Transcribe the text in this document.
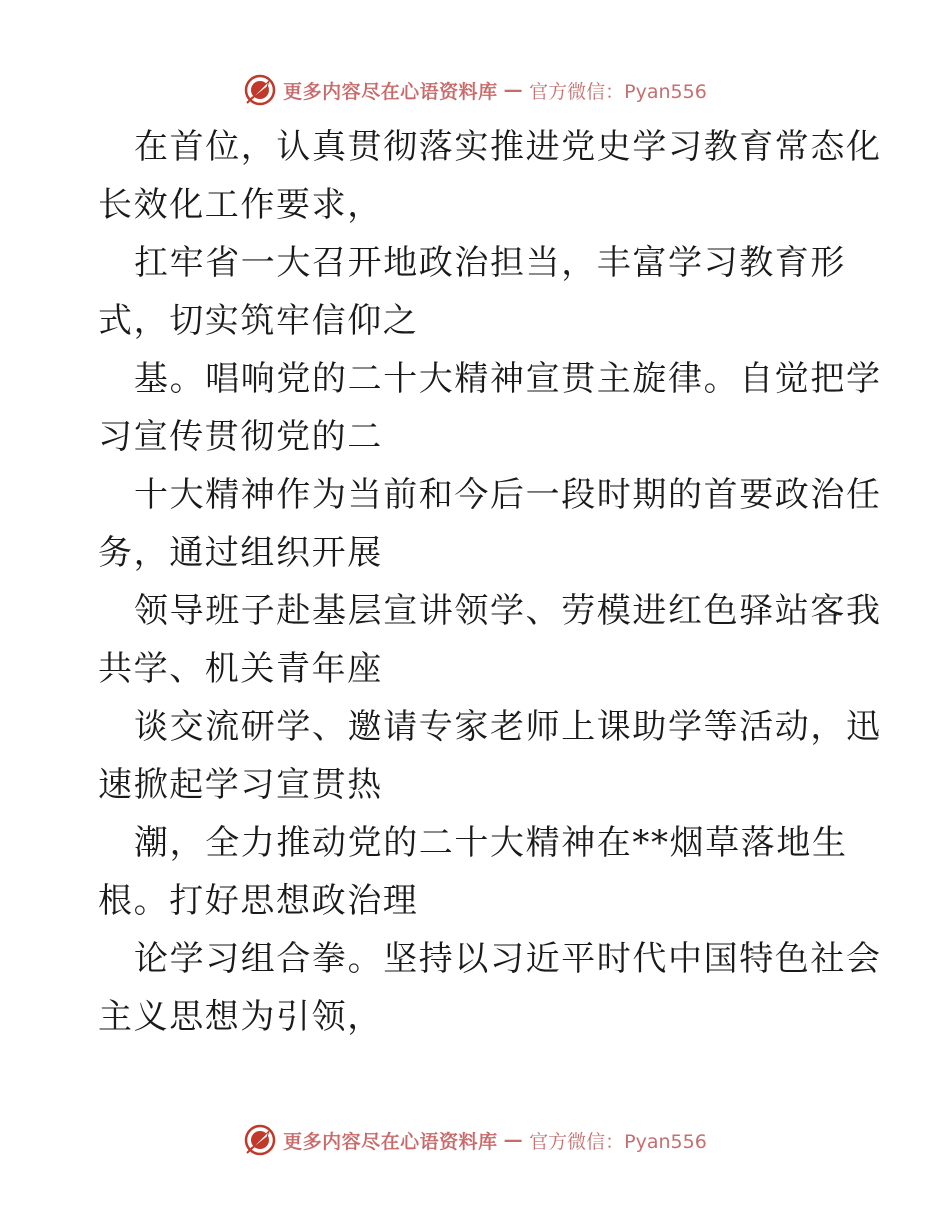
更多内容尽在心语资料库 — 官方微信：Pyan556

在首位，认真贯彻落实推进党史学习教育常态化
长效化工作要求，

扛牢省一大召开地政治担当，丰富学习教育形
式，切实筑牢信仰之

基。唱响党的二十大精神宣贯主旋律。自觉把学
习宣传贯彻党的二

十大精神作为当前和今后一段时期的首要政治任
务，通过组织开展

领导班子赴基层宣讲领学、劳模进红色驿站客我
共学、机关青年座

谈交流研学、邀请专家老师上课助学等活动，迅
速掀起学习宣贯热

潮，全力推动党的二十大精神在**烟草落地生
根。打好思想政治理

论学习组合拳。坚持以习近平时代中国特色社会
主义思想为引领，

更多内容尽在心语资料库 — 官方微信：Pyan556
